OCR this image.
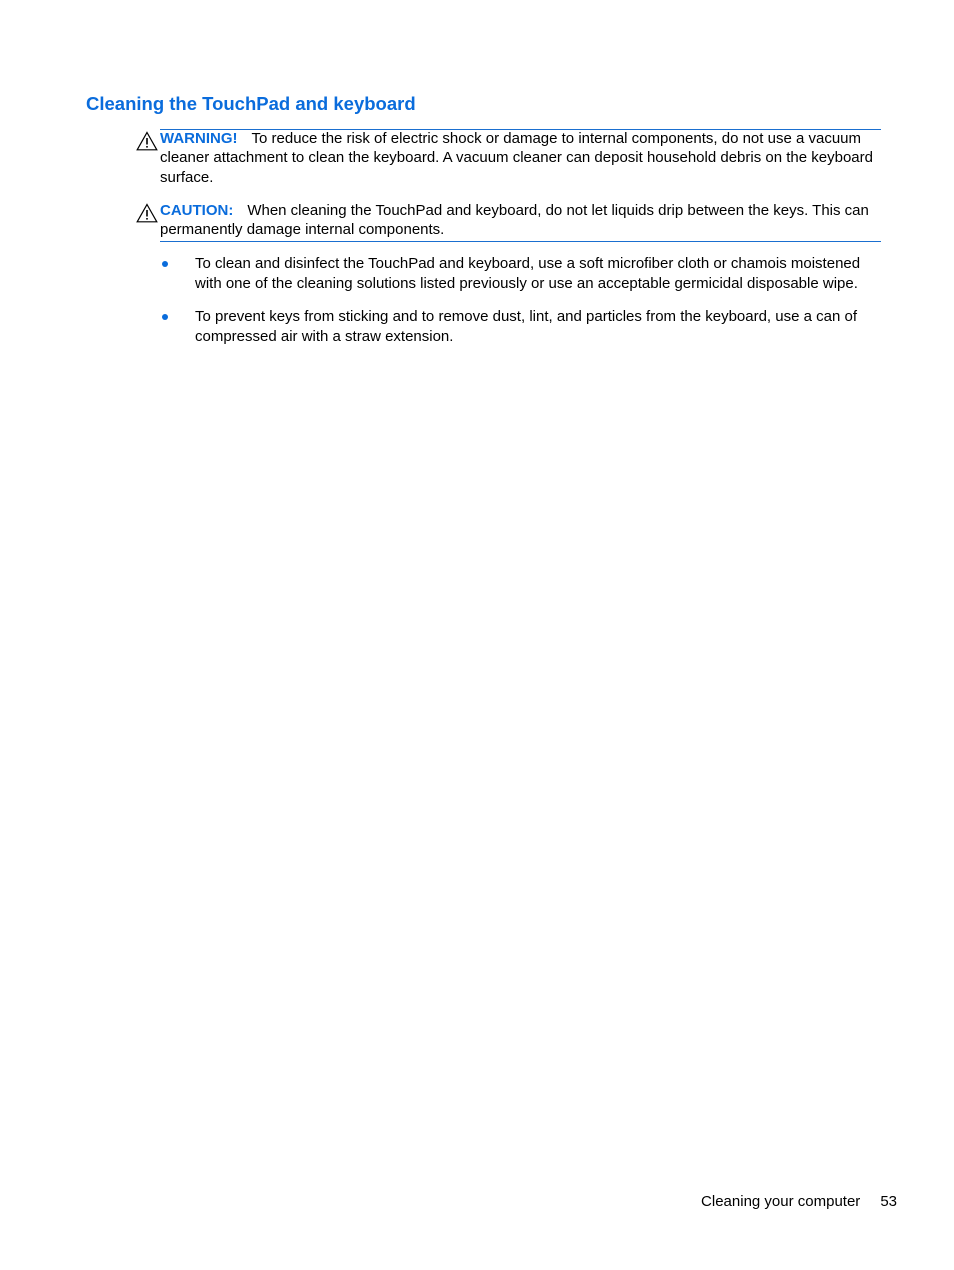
Cleaning the TouchPad and keyboard
WARNING! To reduce the risk of electric shock or damage to internal components, do not use a vacuum cleaner attachment to clean the keyboard. A vacuum cleaner can deposit household debris on the keyboard surface.
CAUTION: When cleaning the TouchPad and keyboard, do not let liquids drip between the keys. This can permanently damage internal components.
To clean and disinfect the TouchPad and keyboard, use a soft microfiber cloth or chamois moistened with one of the cleaning solutions listed previously or use an acceptable germicidal disposable wipe.
To prevent keys from sticking and to remove dust, lint, and particles from the keyboard, use a can of compressed air with a straw extension.
Cleaning your computer 53
